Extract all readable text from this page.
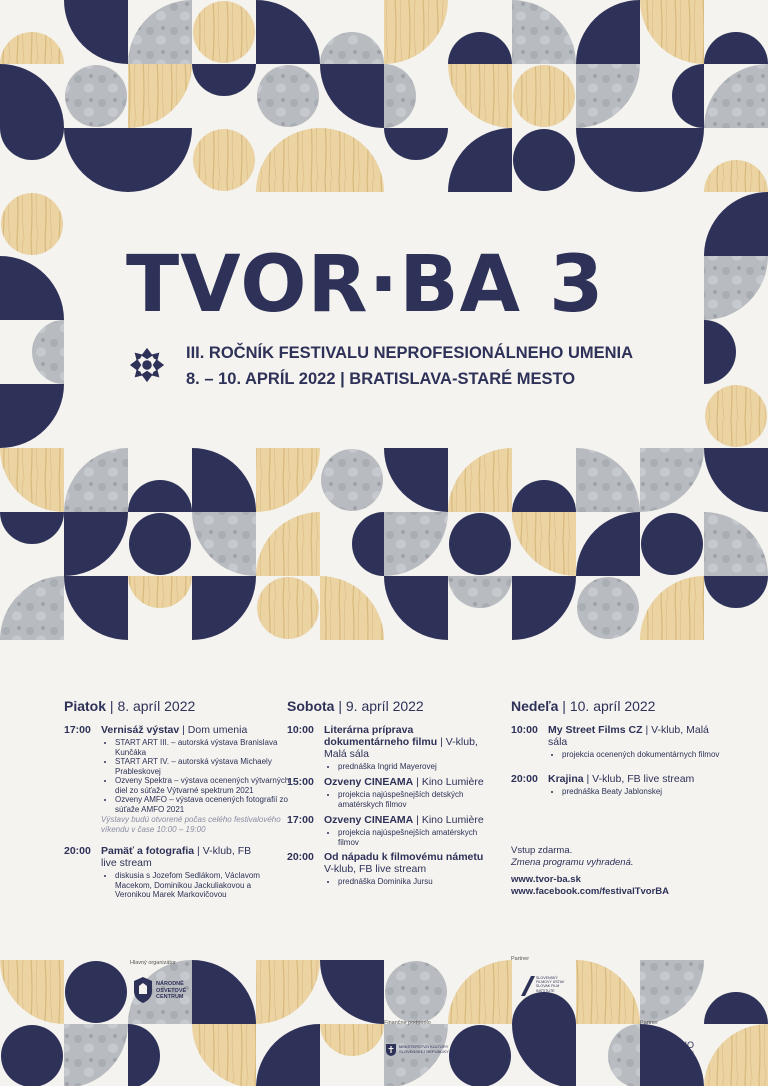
TVOR·BA 3
III. ROČNÍK FESTIVALU NEPROFESIONÁLNEHO UMENIA
8. – 10. APRÍL 2022 | BRATISLAVA-STARÉ MESTO
Piatok | 8. apríl 2022
17:00 Vernisáž výstav | Dom umenia
• START ART III. – autorská výstava Branislava Kunčáka
• START ART IV. – autorská výstava Michaely Prableskovej
• Ozveny Spektra – výstava ocenených výtvarných diel zo súťaže Výtvarné spektrum 2021
• Ozveny AMFO – výstava ocenených fotografií zo súťaže AMFO 2021
Výstavy budú otvorené počas celého festivalového víkendu v čase 10:00 – 19:00
20:00 Pamäť a fotografia | V-klub, FB live stream
• diskusia s Jozefom Sedlákom, Václavom Macekom, Dominikou Jackuliakovou a Veronikou Marek Markovičovou
Sobota | 9. apríl 2022
10:00 Literárna príprava dokumentárneho filmu | V-klub, Malá sála
• prednáška Ingrid Mayerovej
15:00 Ozveny CINEAMA | Kino Lumière
• projekcia najúspešnejších detských amatérskych filmov
17:00 Ozveny CINEAMA | Kino Lumière
• projekcia najúspešnejších amatérskych filmov
20:00 Od nápadu k filmovému námetu V-klub, FB live stream
• prednáška Dominika Jursu
Nedeľa | 10. apríl 2022
10:00 My Street Films CZ | V-klub, Malá sála
• projekcia ocenených dokumentárnych filmov
20:00 Krajina | V-klub, FB live stream
• prednáška Beaty Jablonskej
Vstup zdarma.
Zmena programu vyhradená.
www.tvor-ba.sk
www.facebook.com/festivalTvorBA
Hlavný organizátor
NÁRODNÉ OSVETOVÉ CENTRUM
Finančne podporilo
MINISTERSTVO KULTÚRY SLOVENSKEJ REPUBLIKY
Partner
SLOVENSKÝ FILMOVÝ ÚSTAV SLOVAK FILM INSTITUTE
Partner
KINO LUMIÈRE
